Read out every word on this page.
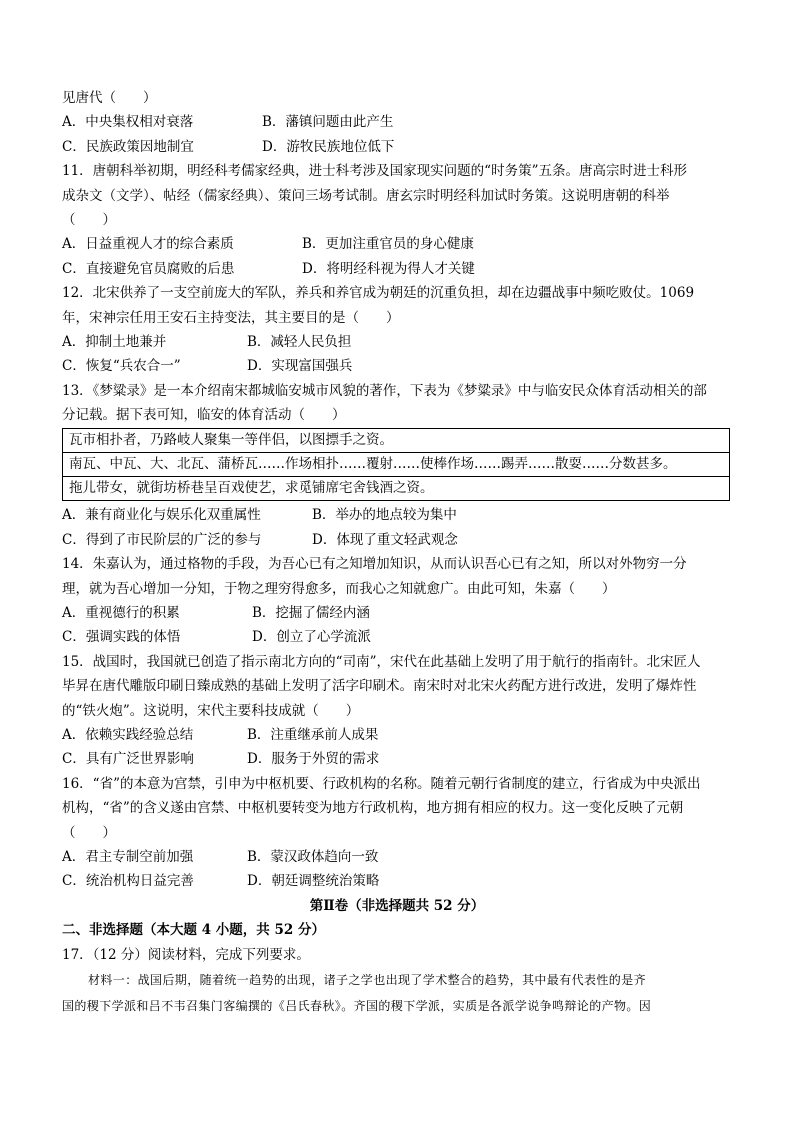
见唐代（　　）
A．中央集权相对衰落	B．藩镇问题由此产生
C．民族政策因地制宜	D．游牧民族地位低下
11．唐朝科举初期，明经科考儒家经典，进士科考涉及国家现实问题的“时务策”五条。唐高宗时进士科形
成杂文（文学）、帖经（儒家经典）、策问三场考试制。唐玄宗时明经科加试时务策。这说明唐朝的科举
（　　）
A．日益重视人才的综合素质	B．更加注重官员的身心健康
C．直接避免官员腐败的后患	D．将明经科视为得人才关键
12．北宋供养了一支空前庞大的军队，养兵和养官成为朝廷的沉重负担，却在边疆战事中频吃败仗。1069
年，宋神宗任用王安石主持变法，其主要目的是（　　）
A．抑制土地兼并	B．减轻人民负担
C．恢复“兵农合一”	D．实现富国强兵
13．《梦粱录》是一本介绍南宋都城临安城市风貌的著作，下表为《梦粱录》中与临安民众体育活动相关的部
分记载。据下表可知，临安的体育活动（　　）
瓦市相扑者，乃路岐人聚集一等伴侣，以图摽手之资。
南瓦、中瓦、大、北瓦、蒲桥瓦……作场相扑……覆射……使棒作场……踢弄……散耍……分数甚多。
拖儿带女，就街坊桥巷呈百戏使艺，求觅铺席宅舍钱酒之资。
A．兼有商业化与娱乐化双重属性	B．举办的地点较为集中
C．得到了市民阶层的广泛的参与	D．体现了重文轻武观念
14．朱嘉认为，通过格物的手段，为吾心已有之知增加知识，从而认识吾心已有之知，所以对外物穷一分
理，就为吾心增加一分知，于物之理穷得愈多，而我心之知就愈广。由此可知，朱嘉（　　）
A．重视德行的积累	B．挖掘了儒经内涵
C．强调实践的体悟	D．创立了心学流派
15．战国时，我国就已创造了指示南北方向的“司南”，宋代在此基础上发明了用于航行的指南针。北宋匠人
毕昇在唐代雕版印刷日臻成熟的基础上发明了活字印刷术。南宋时对北宋火药配方进行改进，发明了爆炸性
的“铁火炮”。这说明，宋代主要科技成就（　　）
A．依赖实践经验总结	B．注重继承前人成果
C．具有广泛世界影响	D．服务于外贸的需求
16．“省”的本意为宫禁，引申为中枢机要、行政机构的名称。随着元朝行省制度的建立，行省成为中央派出
机构，“省”的含义遂由宫禁、中枢机要转变为地方行政机构，地方拥有相应的权力。这一变化反映了元朝
（　　）
A．君主专制空前加强	B．蒙汉政体趋向一致
C．统治机构日益完善	D．朝廷调整统治策略
第Ⅱ卷（非选择题共 52 分）
二、非选择题（本大题 4 小题，共 52 分）
17．（12 分）阅读材料，完成下列要求。
材料一：战国后期，随着统一趋势的出现，诸子之学也出现了学术整合的趋势，其中最有代表性的是齐
国的稷下学派和吕不韦召集门客编撰的《吕氏春秋》。齐国的稷下学派，实质是各派学说争鸣辩论的产物。因
